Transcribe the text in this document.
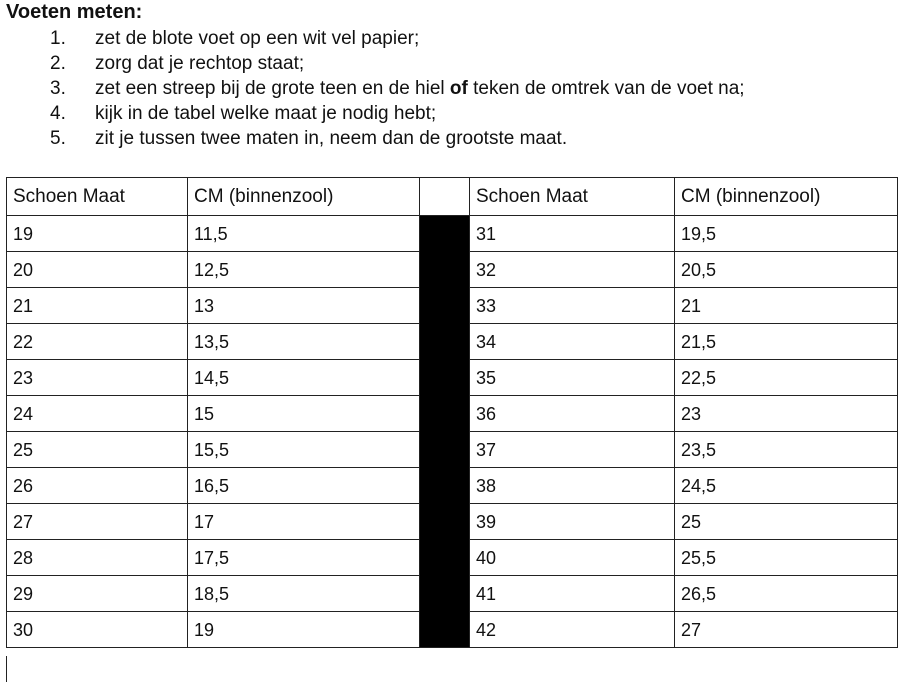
Voeten meten:
1. zet de blote voet op een wit vel papier;
2. zorg dat je rechtop staat;
3. zet een streep bij de grote teen en de hiel of teken de omtrek van de voet na;
4. kijk in de tabel welke maat je nodig hebt;
5. zit je tussen twee maten in, neem dan de grootste maat.
Schoen Maat	CM (binnenzool)		Schoen Maat	CM (binnenzool)
19	11,5		31	19,5
20	12,5		32	20,5
21	13		33	21
22	13,5		34	21,5
23	14,5		35	22,5
24	15		36	23
25	15,5		37	23,5
26	16,5		38	24,5
27	17		39	25
28	17,5		40	25,5
29	18,5		41	26,5
30	19		42	27
